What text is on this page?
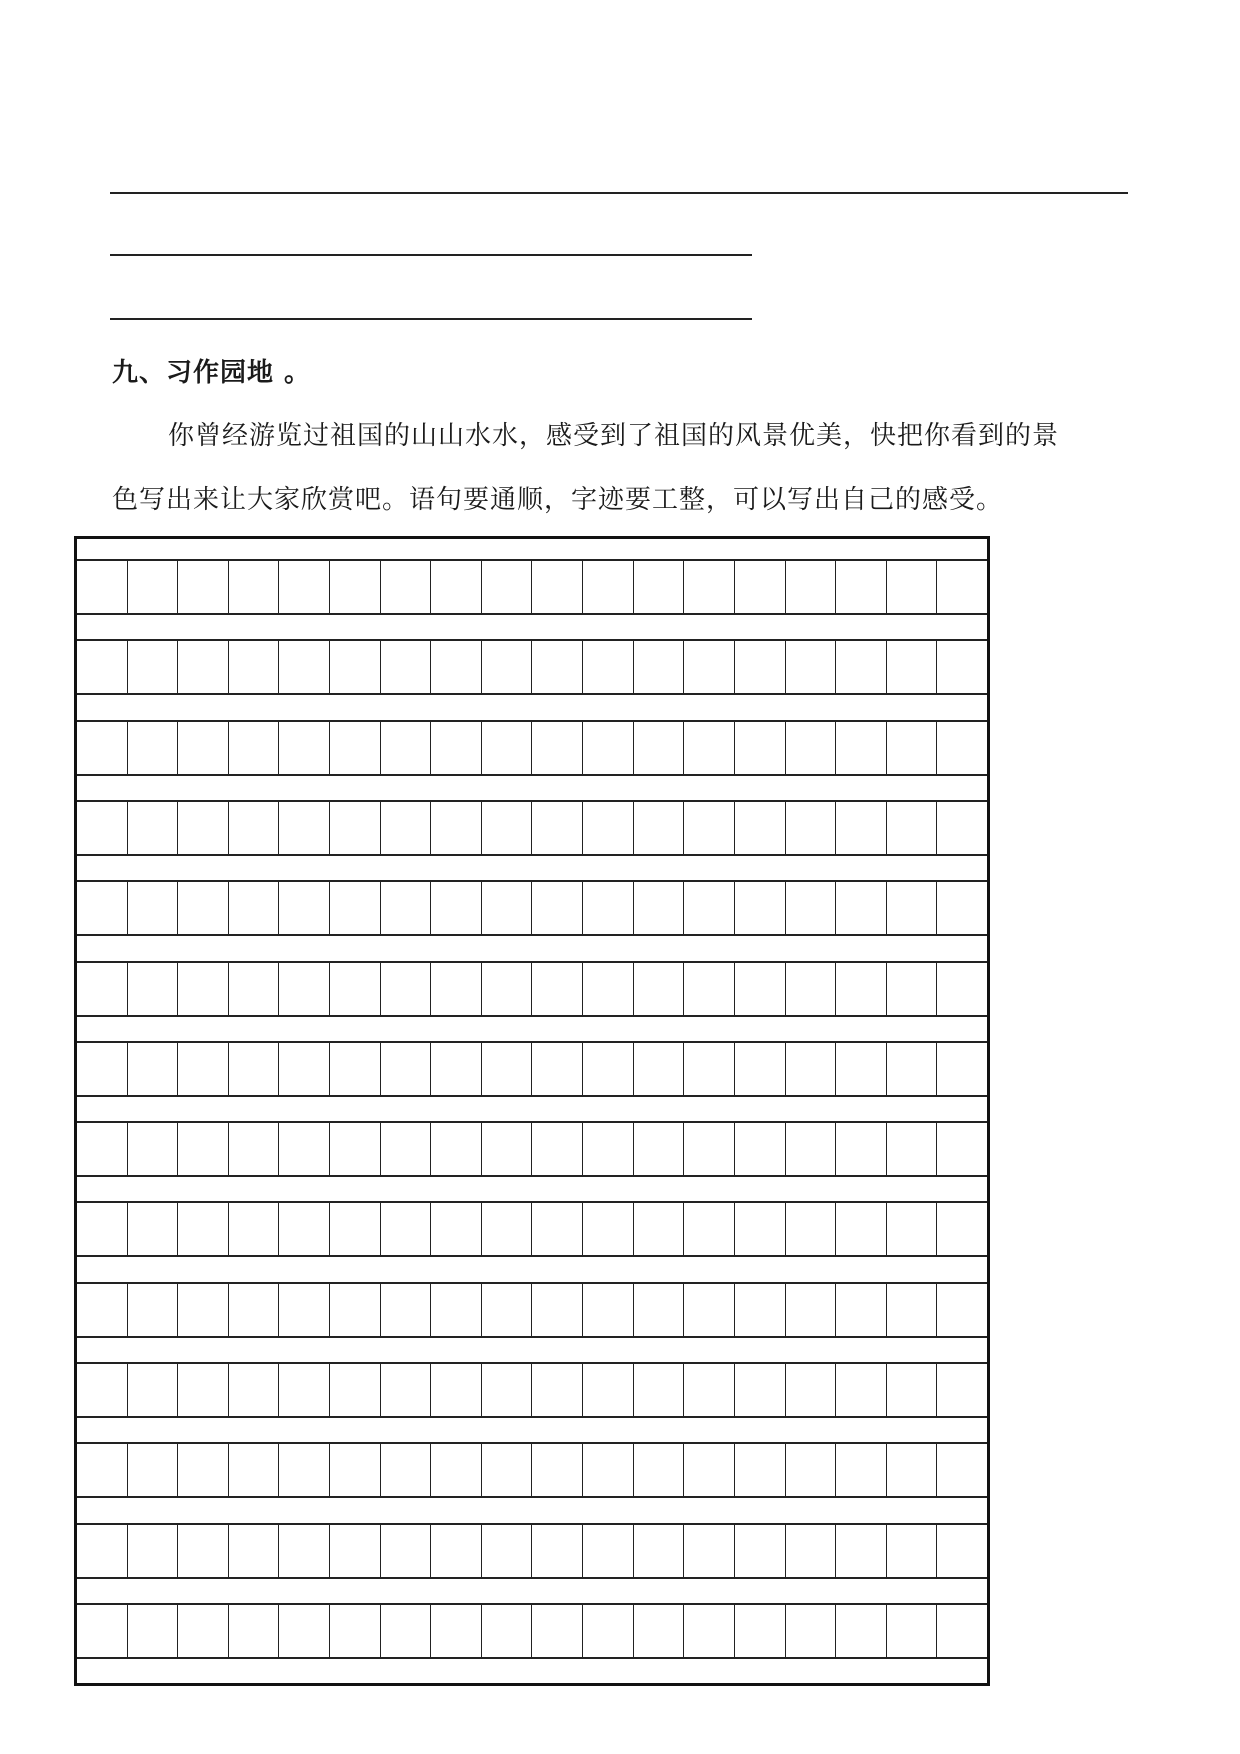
九、习作园地 。
你曾经游览过祖国的山山水水，感受到了祖国的风景优美，快把你看到的景
色写出来让大家欣赏吧。语句要通顺，字迹要工整，可以写出自己的感受。
